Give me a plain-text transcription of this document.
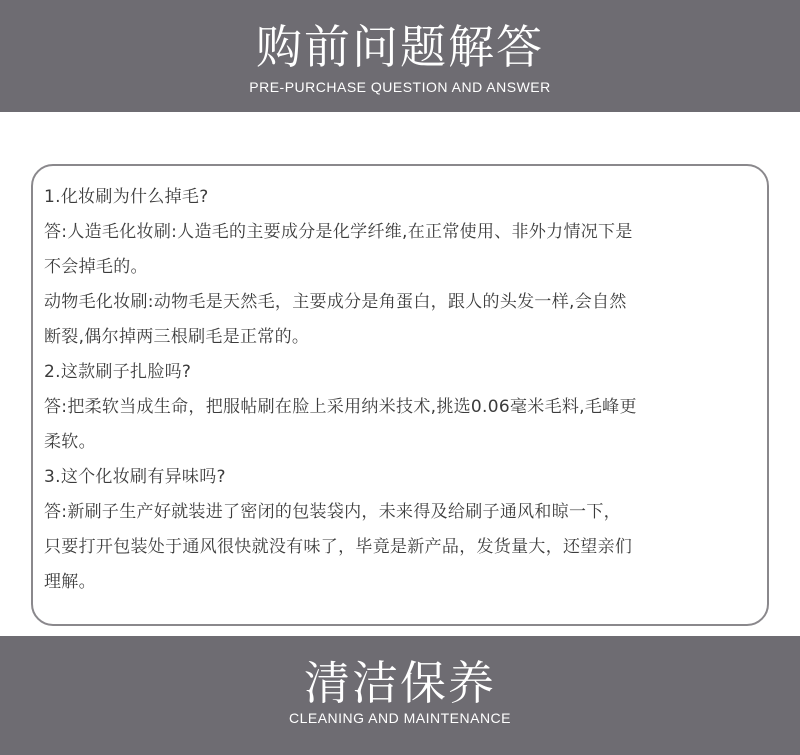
购前问题解答
PRE-PURCHASE QUESTION AND ANSWER
1.化妆刷为什么掉毛?
答:人造毛化妆刷:人造毛的主要成分是化学纤维,在正常使用、非外力情况下是
不会掉毛的。
动物毛化妆刷:动物毛是天然毛，主要成分是角蛋白，跟人的头发一样,会自然
断裂,偶尔掉两三根刷毛是正常的。
2.这款刷子扎脸吗?
答:把柔软当成生命，把服帖刷在脸上采用纳米技术,挑选0.06毫米毛料,毛峰更
柔软。
3.这个化妆刷有异味吗?
答:新刷子生产好就装进了密闭的包装袋内，未来得及给刷子通风和晾一下，
只要打开包装处于通风很快就没有味了，毕竟是新产品，发货量大，还望亲们
理解。
清洁保养
CLEANING AND MAINTENANCE
